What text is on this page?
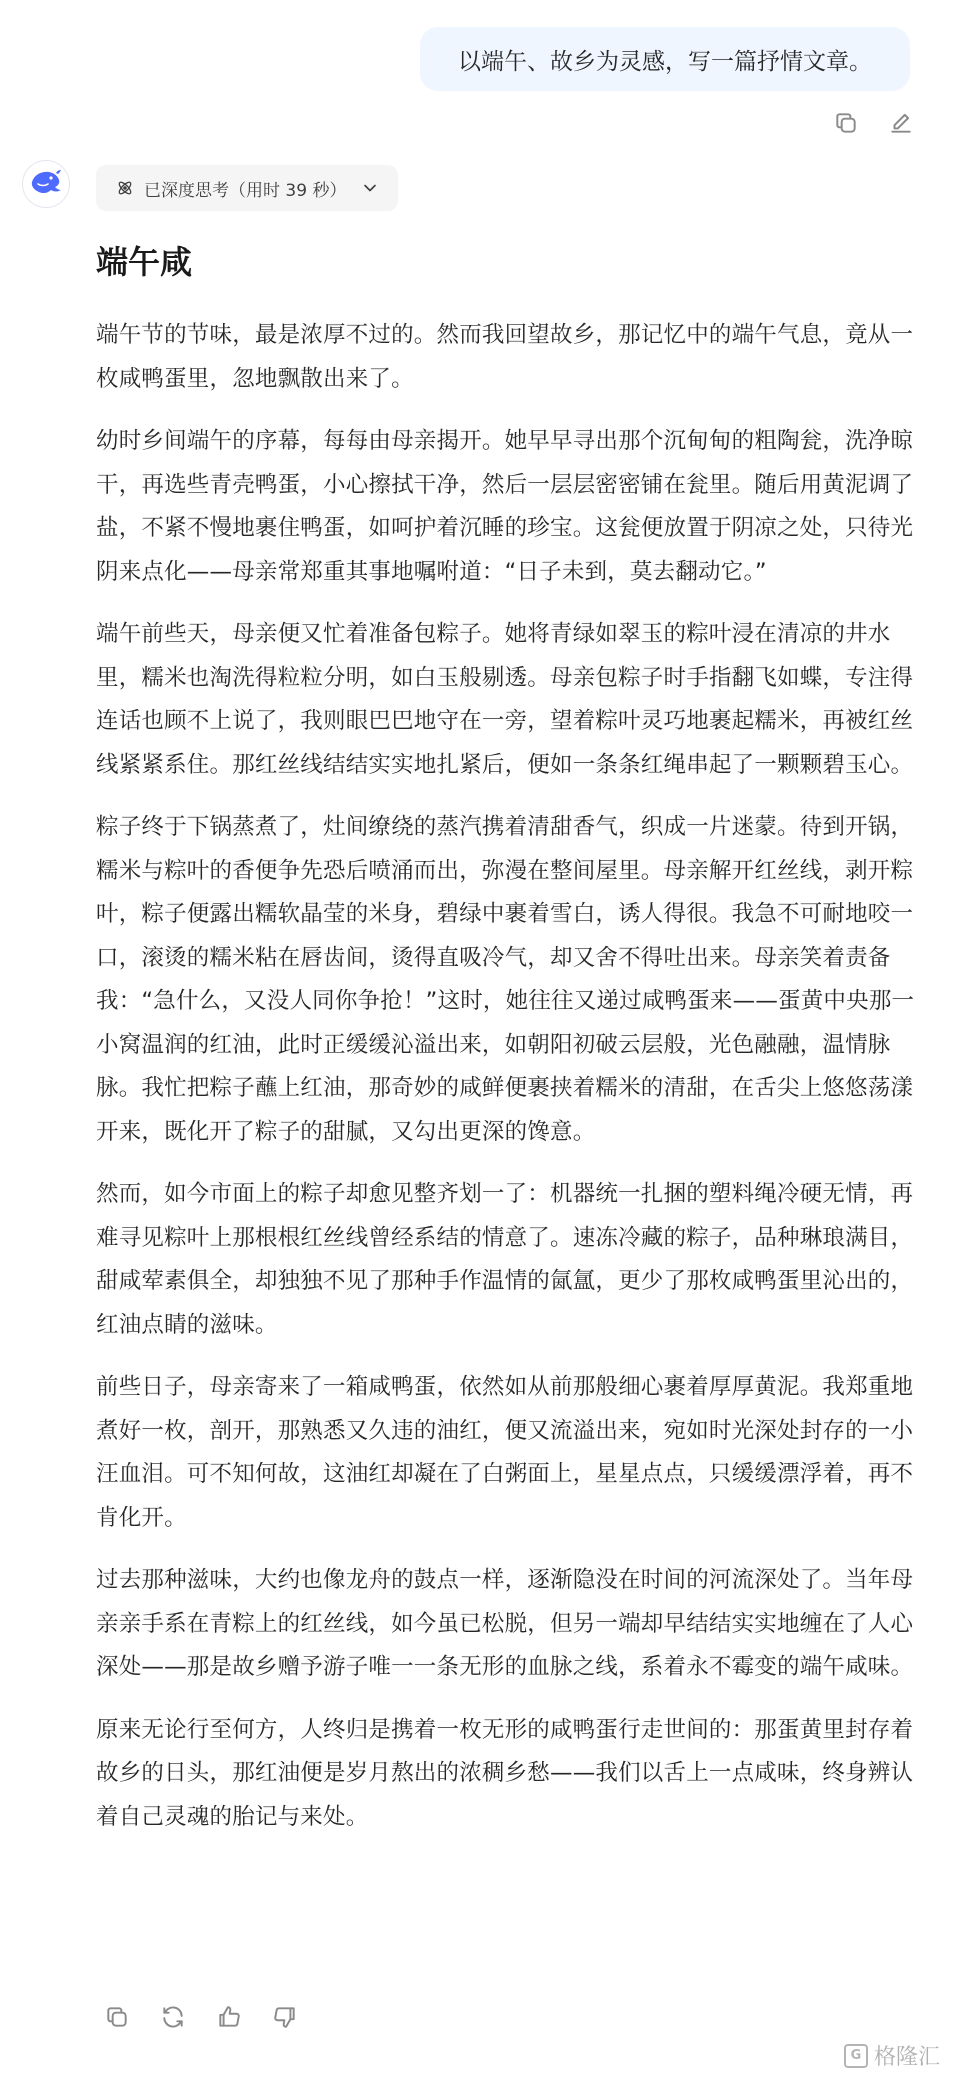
以端午、故乡为灵感，写一篇抒情文章。
已深度思考（用时 39 秒）
端午咸

端午节的节味，最是浓厚不过的。然而我回望故乡，那记忆中的端午气息，竟从一枚咸鸭蛋里，忽地飘散出来了。

幼时乡间端午的序幕，每每由母亲揭开。她早早寻出那个沉甸甸的粗陶瓮，洗净晾干，再选些青壳鸭蛋，小心擦拭干净，然后一层层密密铺在瓮里。随后用黄泥调了盐，不紧不慢地裹住鸭蛋，如呵护着沉睡的珍宝。这瓮便放置于阴凉之处，只待光阴来点化——母亲常郑重其事地嘱咐道：“日子未到，莫去翻动它。”

端午前些天，母亲便又忙着准备包粽子。她将青绿如翠玉的粽叶浸在清凉的井水里，糯米也淘洗得粒粒分明，如白玉般剔透。母亲包粽子时手指翻飞如蝶，专注得连话也顾不上说了，我则眼巴巴地守在一旁，望着粽叶灵巧地裹起糯米，再被红丝线紧紧系住。那红丝线结结实实地扎紧后，便如一条条红绳串起了一颗颗碧玉心。

粽子终于下锅蒸煮了，灶间缭绕的蒸汽携着清甜香气，织成一片迷蒙。待到开锅，糯米与粽叶的香便争先恐后喷涌而出，弥漫在整间屋里。母亲解开红丝线，剥开粽叶，粽子便露出糯软晶莹的米身，碧绿中裹着雪白，诱人得很。我急不可耐地咬一口，滚烫的糯米粘在唇齿间，烫得直吸冷气，却又舍不得吐出来。母亲笑着责备我：“急什么，又没人同你争抢！”这时，她往往又递过咸鸭蛋来——蛋黄中央那一小窝温润的红油，此时正缓缓沁溢出来，如朝阳初破云层般，光色融融，温情脉脉。我忙把粽子蘸上红油，那奇妙的咸鲜便裹挟着糯米的清甜，在舌尖上悠悠荡漾开来，既化开了粽子的甜腻，又勾出更深的馋意。

然而，如今市面上的粽子却愈见整齐划一了：机器统一扎捆的塑料绳冷硬无情，再难寻见粽叶上那根根红丝线曾经系结的情意了。速冻冷藏的粽子，品种琳琅满目，甜咸荤素俱全，却独独不见了那种手作温情的氤氲，更少了那枚咸鸭蛋里沁出的，红油点睛的滋味。

前些日子，母亲寄来了一箱咸鸭蛋，依然如从前那般细心裹着厚厚黄泥。我郑重地煮好一枚，剖开，那熟悉又久违的油红，便又流溢出来，宛如时光深处封存的一小汪血泪。可不知何故，这油红却凝在了白粥面上，星星点点，只缓缓漂浮着，再不肯化开。

过去那种滋味，大约也像龙舟的鼓点一样，逐渐隐没在时间的河流深处了。当年母亲亲手系在青粽上的红丝线，如今虽已松脱，但另一端却早结结实实地缠在了人心深处——那是故乡赠予游子唯一一条无形的血脉之线，系着永不霉变的端午咸味。

原来无论行至何方，人终归是携着一枚无形的咸鸭蛋行走世间的：那蛋黄里封存着故乡的日头，那红油便是岁月熬出的浓稠乡愁——我们以舌上一点咸味，终身辨认着自己灵魂的胎记与来处。

G 格隆汇
